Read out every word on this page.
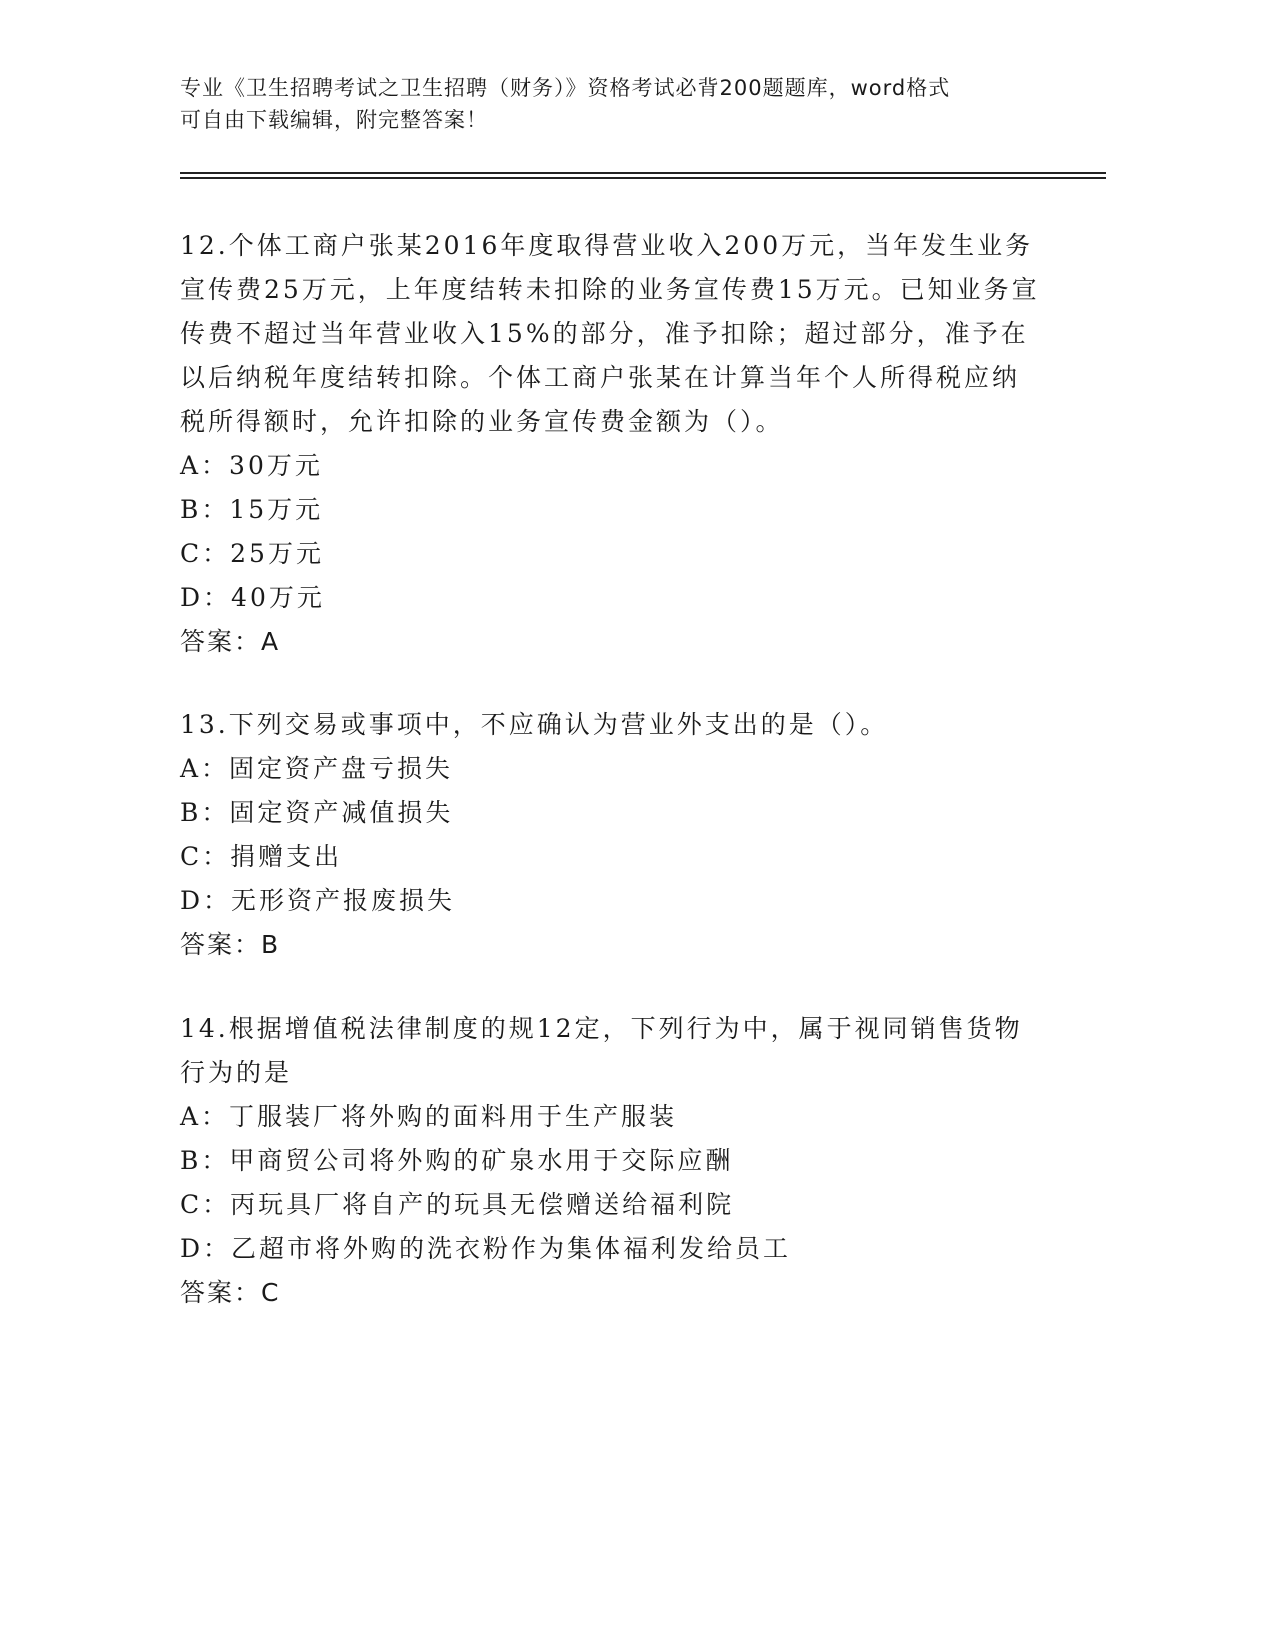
专业《卫生招聘考试之卫生招聘（财务）》资格考试必背200题题库，word格式
可自由下载编辑，附完整答案！

12.个体工商户张某2016年度取得营业收入200万元，当年发生业务宣传费25万元，上年度结转未扣除的业务宣传费15万元。已知业务宣传费不超过当年营业收入15%的部分，准予扣除；超过部分，准予在以后纳税年度结转扣除。个体工商户张某在计算当年个人所得税应纳税所得额时，允许扣除的业务宣传费金额为（）。

A：30万元
B：15万元
C：25万元
D：40万元
答案：A

13.下列交易或事项中，不应确认为营业外支出的是（）。

A：固定资产盘亏损失
B：固定资产减值损失
C：捐赠支出
D：无形资产报废损失
答案：B

14.根据增值税法律制度的规12定，下列行为中，属于视同销售货物行为的是

A：丁服装厂将外购的面料用于生产服装
B：甲商贸公司将外购的矿泉水用于交际应酬
C：丙玩具厂将自产的玩具无偿赠送给福利院
D：乙超市将外购的洗衣粉作为集体福利发给员工
答案：C
